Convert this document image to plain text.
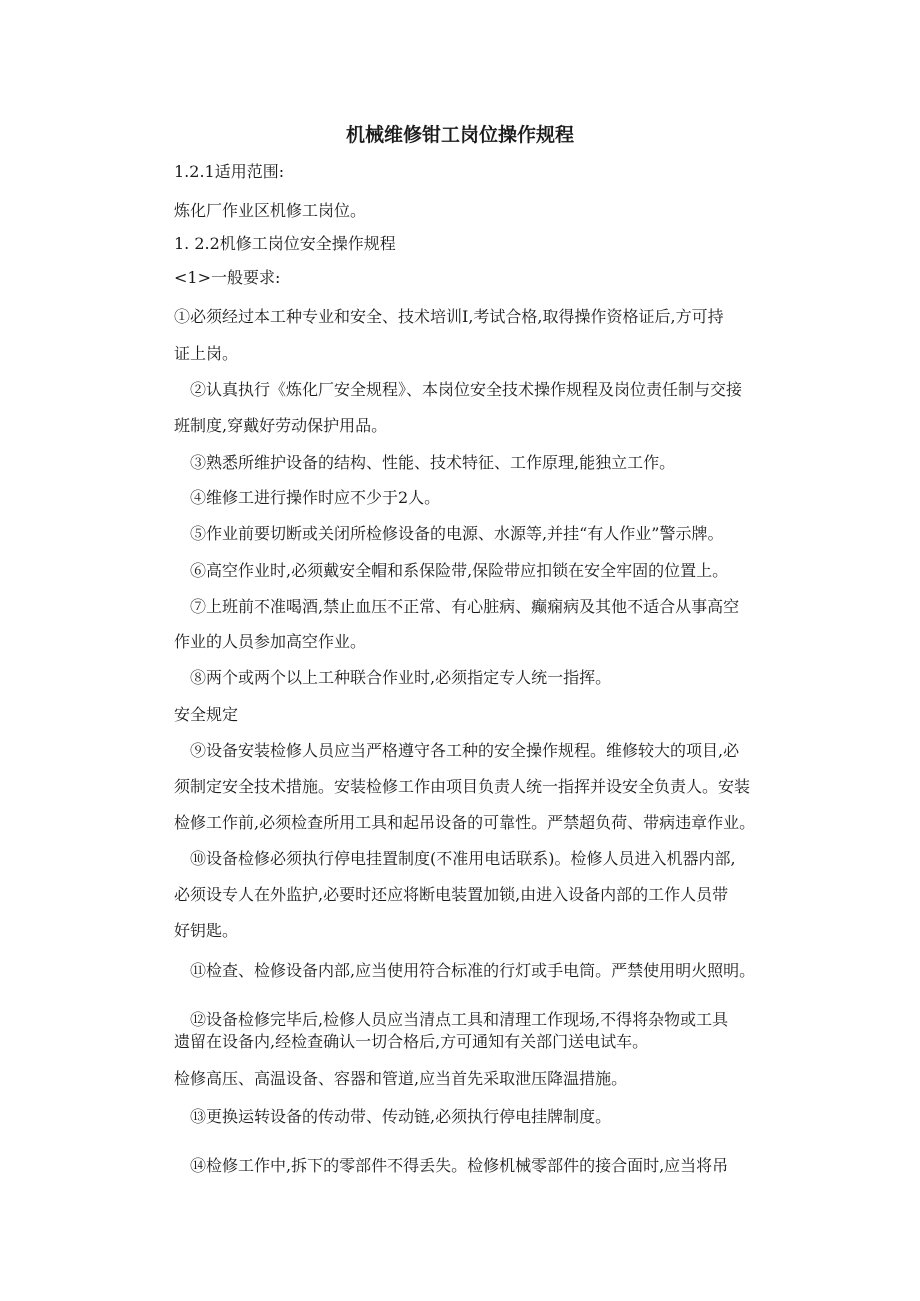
机械维修钳工岗位操作规程
1.2.1适用范围:
炼化厂作业区机修工岗位。
1. 2.2机修工岗位安全操作规程
<1>一般要求:
①必须经过本工种专业和安全、技术培训I,考试合格,取得操作资格证后,方可持
证上岗。
②认真执行《炼化厂安全规程》、本岗位安全技术操作规程及岗位责任制与交接
班制度,穿戴好劳动保护用品。
③熟悉所维护设备的结构、性能、技术特征、工作原理,能独立工作。
④维修工进行操作时应不少于2人。
⑤作业前要切断或关闭所检修设备的电源、水源等,并挂“有人作业”警示牌。
⑥高空作业时,必须戴安全帽和系保险带,保险带应扣锁在安全牢固的位置上。
⑦上班前不准喝酒,禁止血压不正常、有心脏病、癫痫病及其他不适合从事高空
作业的人员参加高空作业。
⑧两个或两个以上工种联合作业时,必须指定专人统一指挥。
安全规定
⑨设备安装检修人员应当严格遵守各工种的安全操作规程。维修较大的项目,必
须制定安全技术措施。安装检修工作由项目负责人统一指挥并设安全负责人。安装
检修工作前,必须检查所用工具和起吊设备的可靠性。严禁超负荷、带病违章作业。
⑩设备检修必须执行停电挂置制度(不准用电话联系)。检修人员进入机器内部,
必须设专人在外监护,必要时还应将断电装置加锁,由进入设备内部的工作人员带
好钥匙。
⑪检查、检修设备内部,应当使用符合标准的行灯或手电筒。严禁使用明火照明。
⑫设备检修完毕后,检修人员应当清点工具和清理工作现场,不得将杂物或工具
遗留在设备内,经检查确认一切合格后,方可通知有关部门送电试车。
检修高压、高温设备、容器和管道,应当首先采取泄压降温措施。
⑬更换运转设备的传动带、传动链,必须执行停电挂牌制度。
⑭检修工作中,拆下的零部件不得丢失。检修机械零部件的接合面时,应当将吊
